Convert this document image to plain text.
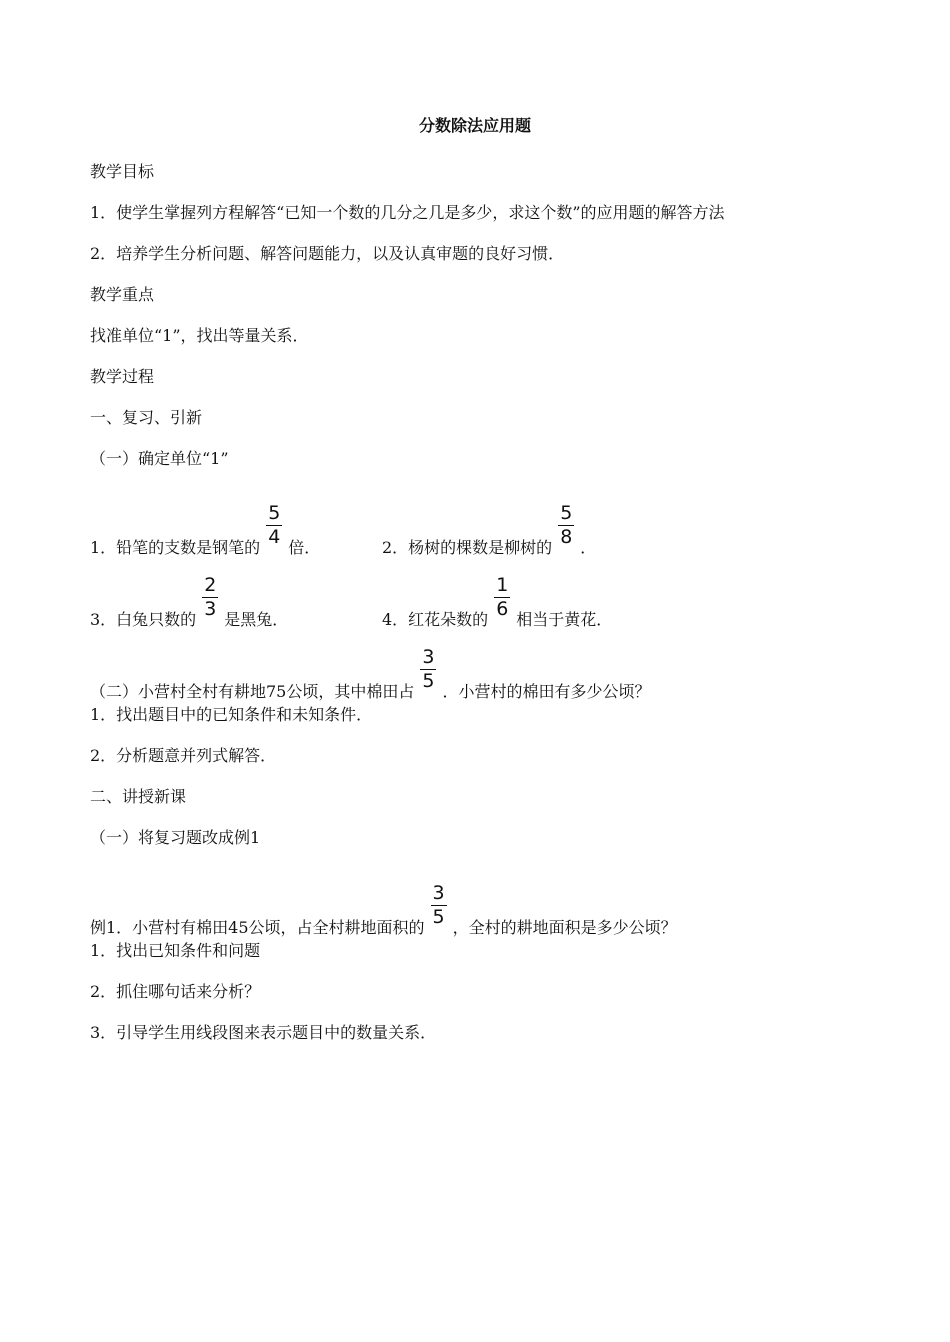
分数除法应用题
教学目标
1．使学生掌握列方程解答“已知一个数的几分之几是多少，求这个数”的应用题的解答方法
2．培养学生分析问题、解答问题能力，以及认真审题的良好习惯．
教学重点
找准单位“1”，找出等量关系．
教学过程
一、复习、引新
（一）确定单位“1”
1．铅笔的支数是钢笔的
$\frac{5}{4}$
倍．	2．杨树的棵数是柳树的
$\frac{5}{8}$
．
3．白兔只数的
$\frac{2}{3}$
是黑兔．	4．红花朵数的
$\frac{1}{6}$
相当于黄花．
（二）小营村全村有耕地75公顷，其中棉田占
$\frac{3}{5}$
．小营村的棉田有多少公顷？
1．找出题目中的已知条件和未知条件．
2．分析题意并列式解答．
二、讲授新课
（一）将复习题改成例1
例1．小营村有棉田45公顷，占全村耕地面积的
$\frac{3}{5}$
，全村的耕地面积是多少公顷？
1．找出已知条件和问题
2．抓住哪句话来分析？
3．引导学生用线段图来表示题目中的数量关系．
